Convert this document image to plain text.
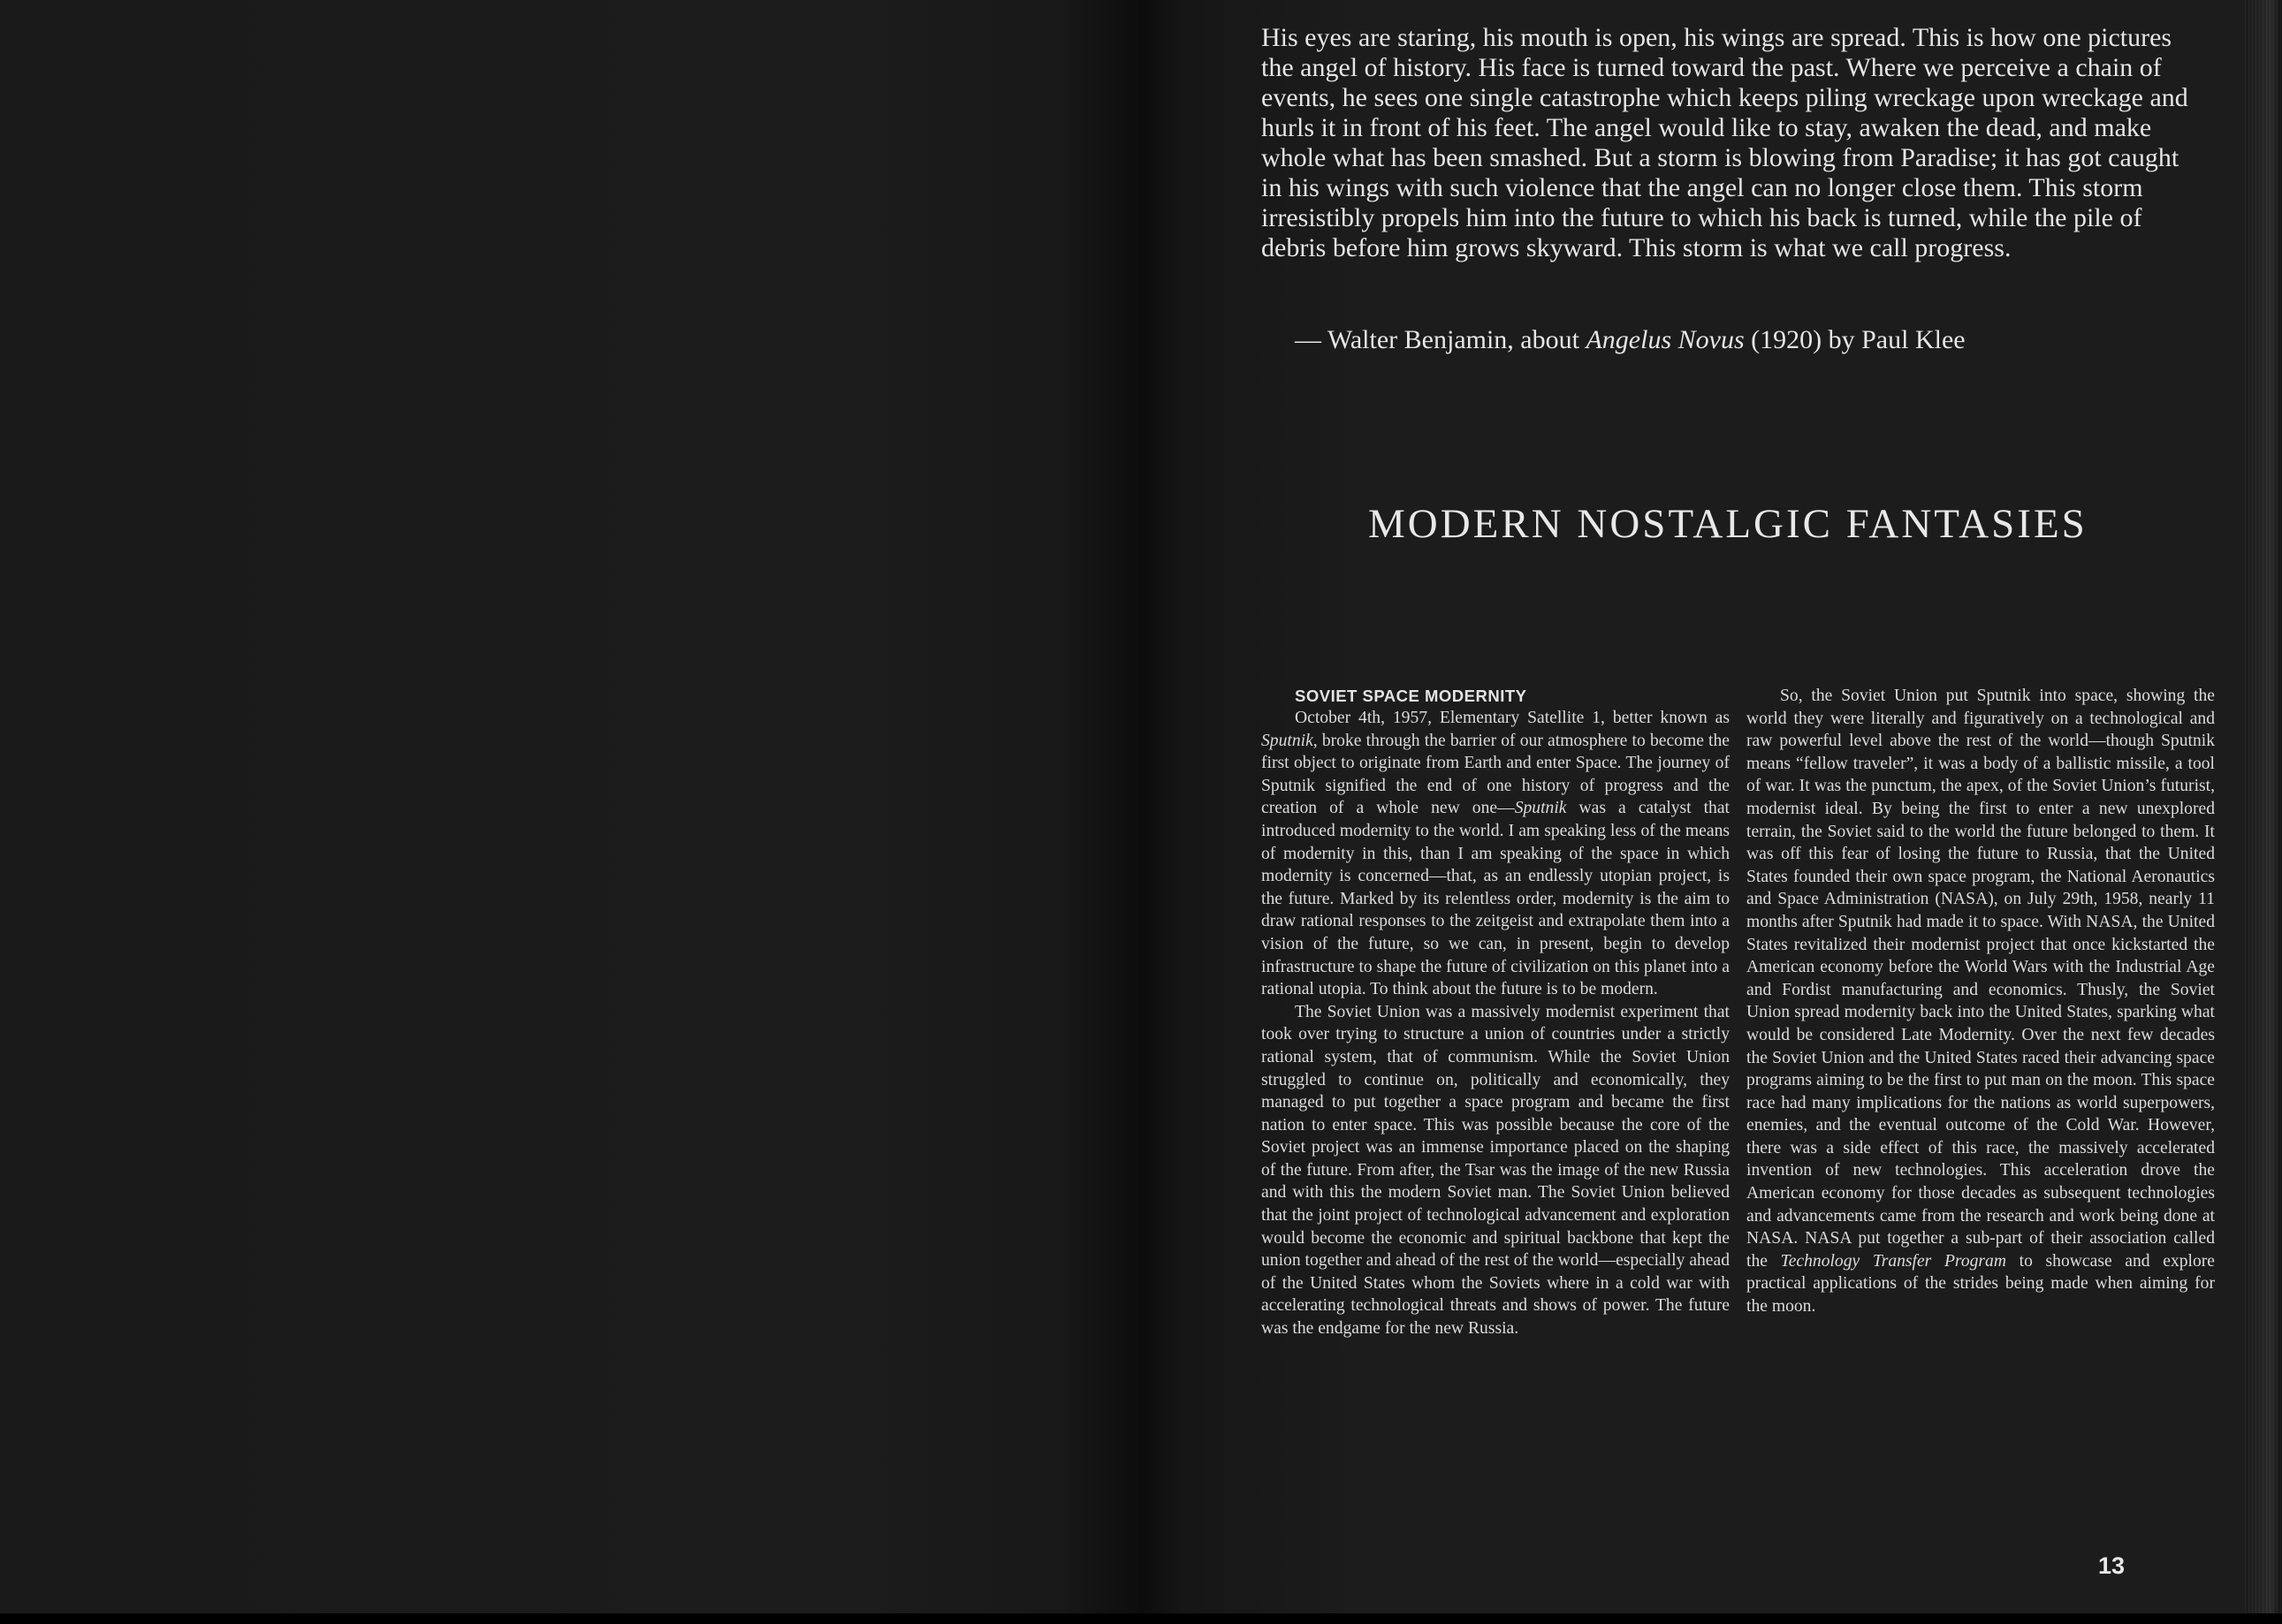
His eyes are staring, his mouth is open, his wings are spread. This is how one pictures the angel of history. His face is turned toward the past. Where we perceive a chain of events, he sees one single catastrophe which keeps piling wreckage upon wreckage and hurls it in front of his feet. The angel would like to stay, awaken the dead, and make whole what has been smashed. But a storm is blowing from Paradise; it has got caught in his wings with such violence that the angel can no longer close them. This storm irresistibly propels him into the future to which his back is turned, while the pile of debris before him grows skyward. This storm is what we call progress.

— Walter Benjamin, about Angelus Novus (1920) by Paul Klee

MODERN NOSTALGIC FANTASIES
SOVIET SPACE MODERNITY

October 4th, 1957, Elementary Satellite 1, better known as Sputnik, broke through the barrier of our atmosphere to become the first object to originate from Earth and enter Space. The journey of Sputnik signified the end of one history of progress and the creation of a whole new one—Sputnik was a catalyst that introduced modernity to the world. I am speaking less of the means of modernity in this, than I am speaking of the space in which modernity is concerned—that, as an endlessly utopian project, is the future. Marked by its relentless order, modernity is the aim to draw rational responses to the zeitgeist and extrapolate them into a vision of the future, so we can, in present, begin to develop infrastructure to shape the future of civilization on this planet into a rational utopia. To think about the future is to be modern.

The Soviet Union was a massively modernist experiment that took over trying to structure a union of countries under a strictly rational system, that of communism. While the Soviet Union struggled to continue on, politically and economically, they managed to put together a space program and became the first nation to enter space. This was possible because the core of the Soviet project was an immense importance placed on the shaping of the future. From after, the Tsar was the image of the new Russia and with this the modern Soviet man. The Soviet Union believed that the joint project of technological advancement and exploration would become the economic and spiritual backbone that kept the union together and ahead of the rest of the world—especially ahead of the United States whom the Soviets where in a cold war with accelerating technological threats and shows of power. The future was the endgame for the new Russia.

So, the Soviet Union put Sputnik into space, showing the world they were literally and figuratively on a technological and raw powerful level above the rest of the world—though Sputnik means “fellow traveler”, it was a body of a ballistic missile, a tool of war. It was the punctum, the apex, of the Soviet Union’s futurist, modernist ideal. By being the first to enter a new unexplored terrain, the Soviet said to the world the future belonged to them. It was off this fear of losing the future to Russia, that the United States founded their own space program, the National Aeronautics and Space Administration (NASA), on July 29th, 1958, nearly 11 months after Sputnik had made it to space. With NASA, the United States revitalized their modernist project that once kickstarted the American economy before the World Wars with the Industrial Age and Fordist manufacturing and economics. Thusly, the Soviet Union spread modernity back into the United States, sparking what would be considered Late Modernity. Over the next few decades the Soviet Union and the United States raced their advancing space programs aiming to be the first to put man on the moon. This space race had many implications for the nations as world superpowers, enemies, and the eventual outcome of the Cold War. However, there was a side effect of this race, the massively accelerated invention of new technologies. This acceleration drove the American economy for those decades as subsequent technologies and advancements came from the research and work being done at NASA. NASA put together a sub-part of their association called the Technology Transfer Program to showcase and explore practical applications of the strides being made when aiming for the moon.

13
